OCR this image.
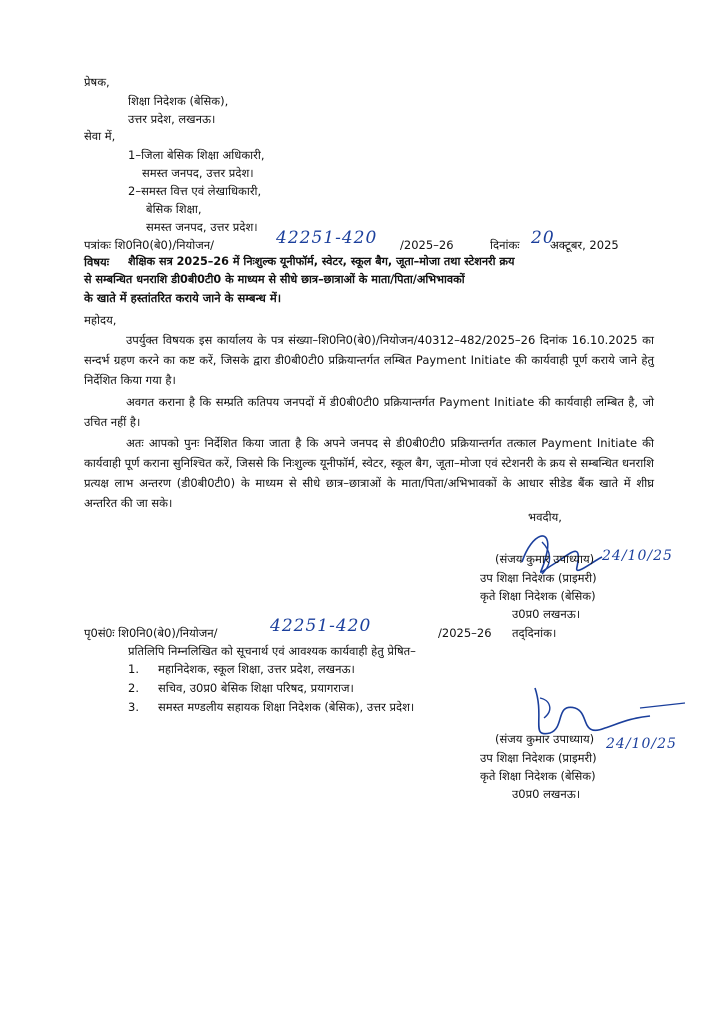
प्रेषक,
शिक्षा निदेशक (बेसिक),
उत्तर प्रदेश, लखनऊ।
सेवा में,
1–जिला बेसिक शिक्षा अधिकारी,
समस्त जनपद, उत्तर प्रदेश।
2–समस्त वित्त एवं लेखाधिकारी,
बेसिक शिक्षा,
समस्त जनपद, उत्तर प्रदेश।
पत्रांकः शि0नि0(बे0)/नियोजन/	42251-420 /2025–26	दिनांकः 20
अक्टूबर, 2025
विषयः शैक्षिक सत्र 2025–26 में निःशुल्क यूनीफॉर्म, स्वेटर, स्कूल बैग, जूता–मोजा तथा स्टेशनरी क्रय
से सम्बन्धित धनराशि डी0बी0टी0 के माध्यम से सीधे छात्र–छात्राओं के माता/पिता/अभिभावकों
के खाते में हस्तांतरित कराये जाने के सम्बन्ध में।
महोदय,
उपर्युक्त विषयक इस कार्यालय के पत्र संख्या–शि0नि0(बे0)/नियोजन/40312–482/2025–26 दिनांक 16.10.2025 का सन्दर्भ ग्रहण करने का कष्ट करें, जिसके द्वारा डी0बी0टी0 प्रक्रियान्तर्गत लम्बित Payment Initiate की कार्यवाही पूर्ण कराये जाने हेतु निर्देशित किया गया है।
अवगत कराना है कि सम्प्रति कतिपय जनपदों में डी0बी0टी0 प्रक्रियान्तर्गत Payment Initiate की कार्यवाही लम्बित है, जो उचित नहीं है।
अतः आपको पुनः निर्देशित किया जाता है कि अपने जनपद से डी0बी0टी0 प्रक्रियान्तर्गत तत्काल Payment Initiate की कार्यवाही पूर्ण कराना सुनिश्चित करें, जिससे कि निःशुल्क यूनीफॉर्म, स्वेटर, स्कूल बैग, जूता–मोजा एवं स्टेशनरी के क्रय से सम्बन्धित धनराशि प्रत्यक्ष लाभ अन्तरण (डी0बी0टी0) के माध्यम से सीधे छात्र–छात्राओं के माता/पिता/अभिभावकों के आधार सीडेड बैंक खाते में शीघ्र अन्तरित की जा सके।
भवदीय,
(संजय कुमार उपाध्याय) 24/10/25
उप शिक्षा निदेशक (प्राइमरी)
कृते शिक्षा निदेशक (बेसिक)
उ0प्र0 लखनऊ।
पृ0सं0ः शि0नि0(बे0)/नियोजन/	42251-420	/2025–26 तद्‌दिनांक।
प्रतिलिपि निम्नलिखित को सूचनार्थ एवं आवश्यक कार्यवाही हेतु प्रेषित–
1. महानिदेशक, स्कूल शिक्षा, उत्तर प्रदेश, लखनऊ।
2. सचिव, उ0प्र0 बेसिक शिक्षा परिषद, प्रयागराज।
3. समस्त मण्डलीय सहायक शिक्षा निदेशक (बेसिक), उत्तर प्रदेश।
(संजय कुमार उपाध्याय) 24/10/25
उप शिक्षा निदेशक (प्राइमरी)
कृते शिक्षा निदेशक (बेसिक)
उ0प्र0 लखनऊ।
